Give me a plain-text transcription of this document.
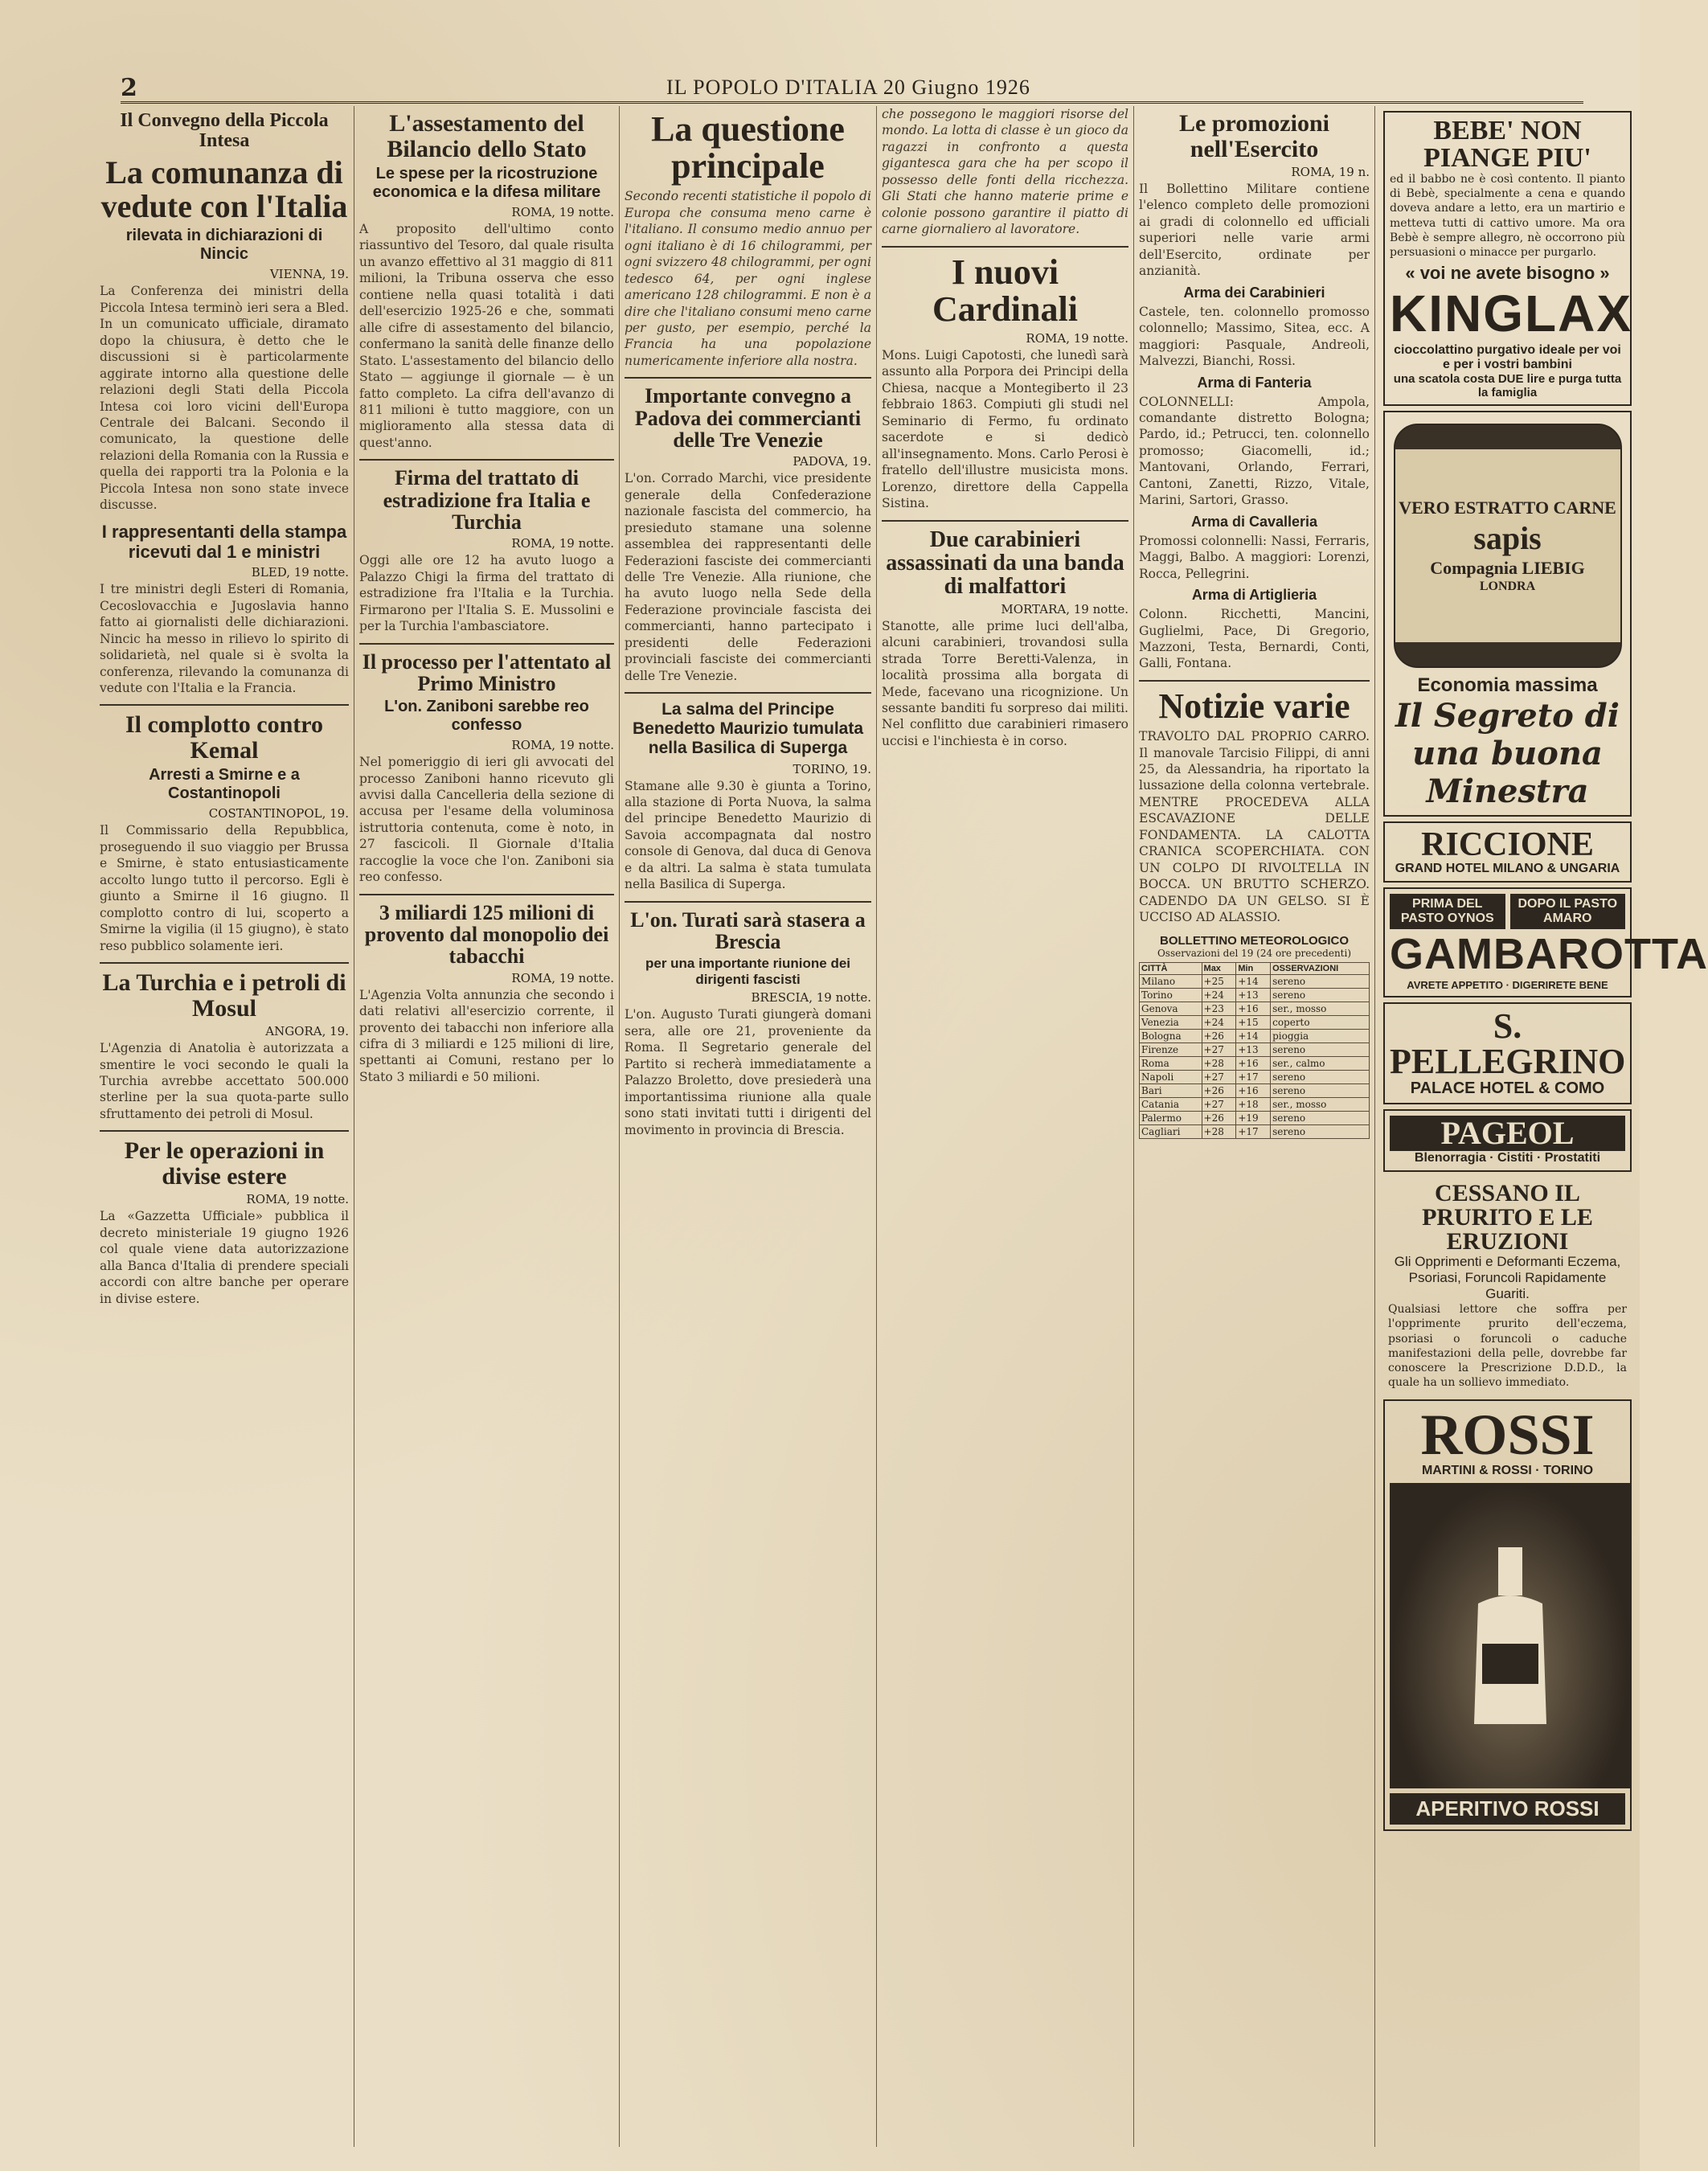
2	IL POPOLO D'ITALIA 20 Giugno 1926
Il Convegno della Piccola Intesa
La comunanza di vedute con l'Italia
rilevata in dichiarazioni di Nincic
VIENNA, 19.
La Conferenza dei ministri della Piccola Intesa terminò ieri sera a Bled. In un comunicato ufficiale, diramato dopo la chiusura, è detto che le discussioni si è particolarmente aggirate intorno alla questione delle relazioni degli Stati della Piccola Intesa coi loro vicini dell'Europa Centrale dei Balcani. Secondo il comunicato, la questione delle relazioni della Romania con la Russia e quella dei rapporti tra la Polonia e la Piccola Intesa non sono state invece discusse.
I rappresentanti della stampa ricevuti dal 1 e ministri
BLED, 19 notte.
I tre ministri degli Esteri di Romania, Cecoslovacchia e Jugoslavia hanno fatto ai giornalisti delle dichiarazioni. Nincic ha messo in rilievo lo spirito di solidarietà, nel quale si è svolta la conferenza, rilevando la comunanza di vedute con l'Italia e la Francia.
Il complotto contro Kemal
Arresti a Smirne e a Costantinopoli
COSTANTINOPOL, 19.
Il Commissario della Repubblica, proseguendo il suo viaggio per Brussa e Smirne, è stato entusiasticamente accolto lungo tutto il percorso. Egli è giunto a Smirne il 16 giugno. Il complotto contro di lui, scoperto a Smirne la vigilia (il 15 giugno), è stato reso pubblico solamente ieri.
La Turchia e i petroli di Mosul
ANGORA, 19.
L'Agenzia di Anatolia è autorizzata a smentire le voci secondo le quali la Turchia avrebbe accettato 500.000 sterline per la sua quota-parte sullo sfruttamento dei petroli di Mosul.
Per le operazioni in divise estere
ROMA, 19 notte.
La «Gazzetta Ufficiale» pubblica il decreto ministeriale 19 giugno 1926 col quale viene data autorizzazione alla Banca d'Italia di prendere speciali accordi con altre banche per operare in divise estere.
L'assestamento del Bilancio dello Stato
Le spese per la ricostruzione economica e la difesa militare
ROMA, 19 notte.
A proposito dell'ultimo conto riassuntivo del Tesoro, dal quale risulta un avanzo effettivo al 31 maggio di 811 milioni, la Tribuna osserva che esso contiene nella quasi totalità i dati dell'esercizio 1925-26 e che, sommati alle cifre di assestamento del bilancio, confermano la sanità delle finanze dello Stato. L'assestamento del bilancio dello Stato — aggiunge il giornale — è un fatto completo. La cifra dell'avanzo di 811 milioni è tutto maggiore, con un miglioramento alla stessa data di quest'anno.
Firma del trattato di estradizione fra Italia e Turchia
ROMA, 19 notte.
Oggi alle ore 12 ha avuto luogo a Palazzo Chigi la firma del trattato di estradizione fra l'Italia e la Turchia. Firmarono per l'Italia S. E. Mussolini e per la Turchia l'ambasciatore.
Il processo per l'attentato al Primo Ministro
L'on. Zaniboni sarebbe reo confesso
ROMA, 19 notte.
Nel pomeriggio di ieri gli avvocati del processo Zaniboni hanno ricevuto gli avvisi dalla Cancelleria della sezione di accusa per l'esame della voluminosa istruttoria contenuta, come è noto, in 27 fascicoli. Il Giornale d'Italia raccoglie la voce che l'on. Zaniboni sia reo confesso.
3 miliardi 125 milioni di provento dal monopolio dei tabacchi
ROMA, 19 notte.
L'Agenzia Volta annunzia che secondo i dati relativi all'esercizio corrente, il provento dei tabacchi non inferiore alla cifra di 3 miliardi e 125 milioni di lire, spettanti ai Comuni, restano per lo Stato 3 miliardi e 50 milioni.
La questione principale
Secondo recenti statistiche il popolo di Europa che consuma meno carne è l'italiano. Il consumo medio annuo per ogni italiano è di 16 chilogrammi, per ogni svizzero 48 chilogrammi, per ogni tedesco 64, per ogni inglese americano 128 chilogrammi. E non è a dire che l'italiano consumi meno carne per gusto, per esempio, perché la Francia ha una popolazione numericamente inferiore alla nostra.
Importante convegno a Padova dei commercianti delle Tre Venezie
PADOVA, 19.
L'on. Corrado Marchi, vice presidente generale della Confederazione nazionale fascista del commercio, ha presieduto stamane una solenne assemblea dei rappresentanti delle Federazioni fasciste dei commercianti delle Tre Venezie. Alla riunione, che ha avuto luogo nella Sede della Federazione provinciale fascista dei commercianti, hanno partecipato i presidenti delle Federazioni provinciali fasciste dei commercianti delle Tre Venezie.
La salma del Principe Benedetto Maurizio tumulata nella Basilica di Superga
TORINO, 19.
Stamane alle 9.30 è giunta a Torino, alla stazione di Porta Nuova, la salma del principe Benedetto Maurizio di Savoia accompagnata dal nostro console di Genova, dal duca di Genova e da altri. La salma è stata tumulata nella Basilica di Superga.
L'on. Turati sarà stasera a Brescia
per una importante riunione dei dirigenti fascisti
BRESCIA, 19 notte.
L'on. Augusto Turati giungerà domani sera, alle ore 21, proveniente da Roma. Il Segretario generale del Partito si recherà immediatamente a Palazzo Broletto, dove presiederà una importantissima riunione alla quale sono stati invitati tutti i dirigenti del movimento in provincia di Brescia.
che possegono le maggiori risorse del mondo. La lotta di classe è un gioco da ragazzi in confronto a questa gigantesca gara che ha per scopo il possesso delle fonti della ricchezza. Gli Stati che hanno materie prime e colonie possono garantire il piatto di carne giornaliero al lavoratore.
I nuovi Cardinali
ROMA, 19 notte.
Mons. Luigi Capotosti, che lunedì sarà assunto alla Porpora dei Principi della Chiesa, nacque a Montegiberto il 23 febbraio 1863. Compiuti gli studi nel Seminario di Fermo, fu ordinato sacerdote e si dedicò all'insegnamento. Mons. Carlo Perosi è fratello dell'illustre musicista mons. Lorenzo, direttore della Cappella Sistina.
Due carabinieri assassinati da una banda di malfattori
MORTARA, 19 notte.
Stanotte, alle prime luci dell'alba, alcuni carabinieri, trovandosi sulla strada Torre Beretti-Valenza, in località prossima alla borgata di Mede, facevano una ricognizione. Un sessante banditi fu sorpreso dai militi. Nel conflitto due carabinieri rimasero uccisi e l'inchiesta è in corso.
Le promozioni nell'Esercito
ROMA, 19 n.
Il Bollettino Militare contiene l'elenco completo delle promozioni ai gradi di colonnello ed ufficiali superiori nelle varie armi dell'Esercito, ordinate per anzianità.
Arma dei Carabinieri
Castele, ten. colonnello promosso colonnello; Massimo, Sitea, ecc. A maggiori: Pasquale, Andreoli, Malvezzi, Bianchi, Rossi.
Arma di Fanteria
COLONNELLI: Ampola, comandante distretto Bologna; Pardo, id.; Petrucci, ten. colonnello promosso; Giacomelli, id.; Mantovani, Orlando, Ferrari, Cantoni, Zanetti, Rizzo, Vitale, Marini, Sartori, Grasso.
Arma di Cavalleria
Promossi colonnelli: Nassi, Ferraris, Maggi, Balbo. A maggiori: Lorenzi, Rocca, Pellegrini.
Arma di Artiglieria
Colonn. Ricchetti, Mancini, Guglielmi, Pace, Di Gregorio, Mazzoni, Testa, Bernardi, Conti, Galli, Fontana.
Notizie varie
TRAVOLTO DAL PROPRIO CARRO. Il manovale Tarcisio Filippi, di anni 25, da Alessandria, ha riportato la lussazione della colonna vertebrale. MENTRE PROCEDEVA ALLA ESCAVAZIONE DELLE FONDAMENTA. LA CALOTTA CRANICA SCOPERCHIATA. CON UN COLPO DI RIVOLTELLA IN BOCCA. UN BRUTTO SCHERZO. CADENDO DA UN GELSO. SI È UCCISO AD ALASSIO.
BOLLETTINO METEOROLOGICO
Osservazioni del 19 (24 ore precedenti)
CITTÀ	Max	Min	OSSERVAZIONI
Milano	+25	+14	sereno
Torino	+24	+13	sereno
Genova	+23	+16	ser., mosso
Venezia	+24	+15	coperto
Bologna	+26	+14	pioggia
Firenze	+27	+13	sereno
Roma	+28	+16	ser., calmo
Napoli	+27	+17	sereno
Bari	+26	+16	sereno
Catania	+27	+18	ser., mosso
Palermo	+26	+19	sereno
Cagliari	+28	+17	sereno
BEBE' NON PIANGE PIU'
ed il babbo ne è così contento. Il pianto di Bebè, specialmente a cena e quando doveva andare a letto, era un martirio e metteva tutti di cattivo umore. Ma ora Bebè è sempre allegro, nè occorrono più persuasioni o minacce per purgarlo.
« voi ne avete bisogno »
KINGLAX
cioccolattino purgativo ideale per voi e per i vostri bambini
una scatola costa DUE lire e purga tutta la famiglia
VERO ESTRATTO CARNE
sapis
Compagnia LIEBIG
LONDRA
Economia massima
Il Segreto di una buona Minestra
RICCIONE
GRAND HOTEL MILANO & UNGARIA
PRIMA DEL PASTO OYNOS
DOPO IL PASTO AMARO
GAMBAROTTA
AVRETE APPETITO · DIGERIRETE BENE
S. PELLEGRINO
PALACE HOTEL & COMO
PAGEOL
Blenorragia · Cistiti · Prostatiti
CESSANO IL PRURITO E LE ERUZIONI
Gli Opprimenti e Deformanti Eczema, Psoriasi, Foruncoli Rapidamente Guariti.
Qualsiasi lettore che soffra per l'opprimente prurito dell'eczema, psoriasi o foruncoli o caduche manifestazioni della pelle, dovrebbe far conoscere la Prescrizione D.D.D., la quale ha un sollievo immediato.
ROSSI
MARTINI & ROSSI · TORINO
APERITIVO ROSSI
